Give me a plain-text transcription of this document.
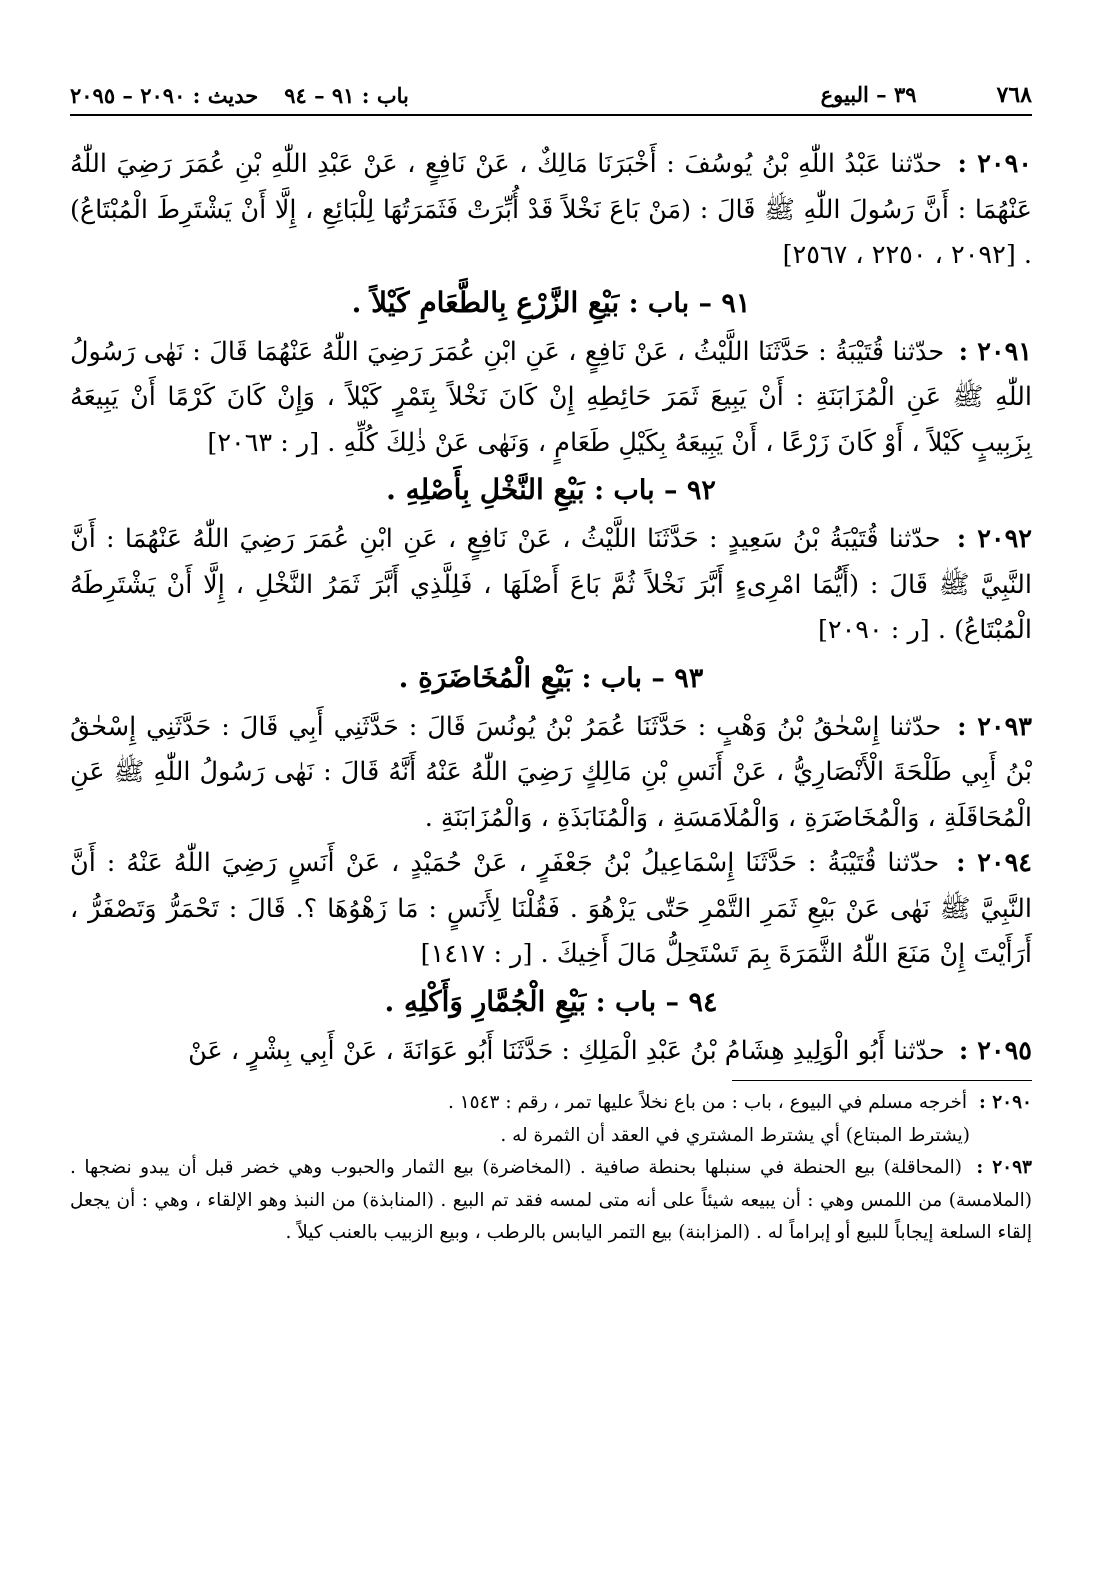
٧٦٨
٣٩ – البيوع
باب : ٩١ – ٩٤
حديث : ٢٠٩٠ – ٢٠٩٥

٢٠٩٠ : حدّثنا عَبْدُ اللّٰهِ بْنُ يُوسُفَ : أَخْبَرَنَا مَالِكٌ ، عَنْ نَافِعٍ ، عَنْ عَبْدِ اللّٰهِ بْنِ عُمَرَ رَضِيَ اللّٰهُ عَنْهُمَا : أَنَّ رَسُولَ اللّٰهِ ﷺ قَالَ : (مَنْ بَاعَ نَخْلاً قَدْ أُبِّرَتْ فَثَمَرَتُهَا لِلْبَائِعِ ، إِلَّا أَنْ يَشْتَرِطَ الْمُبْتَاعُ) . [٢٠٩٢ ، ٢٢٥٠ ، ٢٥٦٧]

٩١ – باب : بَيْعِ الزَّرْعِ بِالطَّعَامِ كَيْلاً .

٢٠٩١ : حدّثنا قُتَيْبَةُ : حَدَّثَنَا اللَّيْثُ ، عَنْ نَافِعٍ ، عَنِ ابْنِ عُمَرَ رَضِيَ اللّٰهُ عَنْهُمَا قَالَ : نَهٰى رَسُولُ اللّٰهِ ﷺ عَنِ الْمُزَابَنَةِ : أَنْ يَبِيعَ ثَمَرَ حَائِطِهِ إِنْ كَانَ نَخْلاً بِتَمْرٍ كَيْلاً ، وَإِنْ كَانَ كَرْمًا أَنْ يَبِيعَهُ بِزَبِيبٍ كَيْلاً ، أَوْ كَانَ زَرْعًا ، أَنْ يَبِيعَهُ بِكَيْلِ طَعَامٍ ، وَنَهٰى عَنْ ذٰلِكَ كُلِّهِ . [ر : ٢٠٦٣]

٩٢ – باب : بَيْعِ النَّخْلِ بِأَصْلِهِ .

٢٠٩٢ : حدّثنا قُتَيْبَةُ بْنُ سَعِيدٍ : حَدَّثَنَا اللَّيْثُ ، عَنْ نَافِعٍ ، عَنِ ابْنِ عُمَرَ رَضِيَ اللّٰهُ عَنْهُمَا : أَنَّ النَّبِيَّ ﷺ قَالَ : (أَيُّمَا امْرِىءٍ أَبَّرَ نَخْلاً ثُمَّ بَاعَ أَصْلَهَا ، فَلِلَّذِي أَبَّرَ ثَمَرُ النَّخْلِ ، إِلَّا أَنْ يَشْتَرِطَهُ الْمُبْتَاعُ) . [ر : ٢٠٩٠]

٩٣ – باب : بَيْعِ الْمُخَاضَرَةِ .

٢٠٩٣ : حدّثنا إِسْحٰقُ بْنُ وَهْبٍ : حَدَّثَنَا عُمَرُ بْنُ يُونُسَ قَالَ : حَدَّثَنِي أَبِي قَالَ : حَدَّثَنِي إِسْحٰقُ بْنُ أَبِي طَلْحَةَ الْأَنْصَارِيُّ ، عَنْ أَنَسِ بْنِ مَالِكٍ رَضِيَ اللّٰهُ عَنْهُ أَنَّهُ قَالَ : نَهٰى رَسُولُ اللّٰهِ ﷺ عَنِ الْمُحَاقَلَةِ ، وَالْمُخَاضَرَةِ ، وَالْمُلَامَسَةِ ، وَالْمُنَابَذَةِ ، وَالْمُزَابَنَةِ .

٢٠٩٤ : حدّثنا قُتَيْبَةُ : حَدَّثَنَا إِسْمَاعِيلُ بْنُ جَعْفَرٍ ، عَنْ حُمَيْدٍ ، عَنْ أَنَسٍ رَضِيَ اللّٰهُ عَنْهُ : أَنَّ النَّبِيَّ ﷺ نَهٰى عَنْ بَيْعِ ثَمَرِ التَّمْرِ حَتّٰى يَزْهُوَ . فَقُلْنَا لِأَنَسٍ : مَا زَهْوُهَا ؟. قَالَ : تَحْمَرُّ وَتَصْفَرُّ ، أَرَأَيْتَ إِنْ مَنَعَ اللّٰهُ الثَّمَرَةَ بِمَ تَسْتَحِلُّ مَالَ أَخِيكَ . [ر : ١٤١٧]

٩٤ – باب : بَيْعِ الْجُمَّارِ وَأَكْلِهِ .

٢٠٩٥ : حدّثنا أَبُو الْوَلِيدِ هِشَامُ بْنُ عَبْدِ الْمَلِكِ : حَدَّثَنَا أَبُو عَوَانَةَ ، عَنْ أَبِي بِشْرٍ ، عَنْ

٢٠٩٠ : أخرجه مسلم في البيوع ، باب : من باع نخلاً عليها تمر ، رقم : ١٥٤٣ .

(يشترط المبتاع) أي يشترط المشتري في العقد أن الثمرة له .

٢٠٩٣ : (المحاقلة) بيع الحنطة في سنبلها بحنطة صافية . (المخاضرة) بيع الثمار والحبوب وهي خضر قبل أن يبدو نضجها . (الملامسة) من اللمس وهي : أن يبيعه شيئاً على أنه متى لمسه فقد تم البيع . (المنابذة) من النبذ وهو الإلقاء ، وهي : أن يجعل إلقاء السلعة إيجاباً للبيع أو إبراماً له . (المزابنة) بيع التمر اليابس بالرطب ، وبيع الزبيب بالعنب كيلاً .
